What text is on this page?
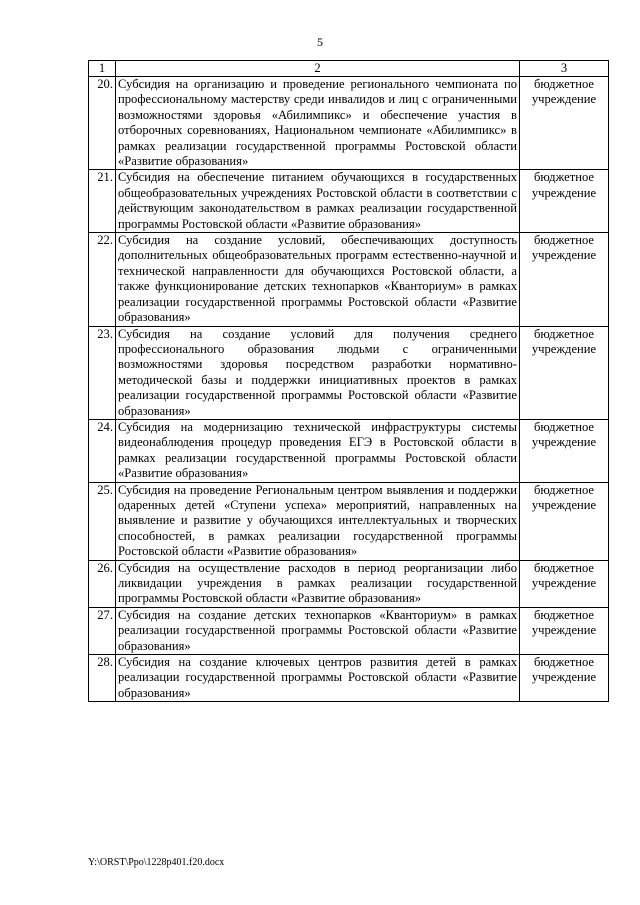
5
1	2	3
20.	Субсидия на организацию и проведение регионального чемпионата по профессиональному мастерству среди инвалидов и лиц с ограниченными возможностями здоровья «Абилимпикс» и обеспечение участия в отборочных соревнованиях, Национальном чемпионате «Абилимпикс» в рамках реализации государственной программы Ростовской области «Развитие образования»	бюджетное учреждение
21.	Субсидия на обеспечение питанием обучающихся в государственных общеобразовательных учреждениях Ростовской области в соответствии с действующим законодательством в рамках реализации государственной программы Ростовской области «Развитие образования»	бюджетное учреждение
22.	Субсидия на создание условий, обеспечивающих доступность дополнительных общеобразовательных программ естественно-научной и технической направленности для обучающихся Ростовской области, а также функционирование детских технопарков «Кванториум» в рамках реализации государственной программы Ростовской области «Развитие образования»	бюджетное учреждение
23.	Субсидия на создание условий для получения среднего профессионального образования людьми с ограниченными возможностями здоровья посредством разработки нормативно-методической базы и поддержки инициативных проектов в рамках реализации государственной программы Ростовской области «Развитие образования»	бюджетное учреждение
24.	Субсидия на модернизацию технической инфраструктуры системы видеонаблюдения процедур проведения ЕГЭ в Ростовской области в рамках реализации государственной программы Ростовской области «Развитие образования»	бюджетное учреждение
25.	Субсидия на проведение Региональным центром выявления и поддержки одаренных детей «Ступени успеха» мероприятий, направленных на выявление и развитие у обучающихся интеллектуальных и творческих способностей, в рамках реализации государственной программы Ростовской области «Развитие образования»	бюджетное учреждение
26.	Субсидия на осуществление расходов в период реорганизации либо ликвидации учреждения в рамках реализации государственной программы Ростовской области «Развитие образования»	бюджетное учреждение
27.	Субсидия на создание детских технопарков «Кванториум» в рамках реализации государственной программы Ростовской области «Развитие образования»	бюджетное учреждение
28.	Субсидия на создание ключевых центров развития детей в рамках реализации государственной программы Ростовской области «Развитие образования»	бюджетное учреждение
Y:\ORST\Ppo\1228p401.f20.docx
